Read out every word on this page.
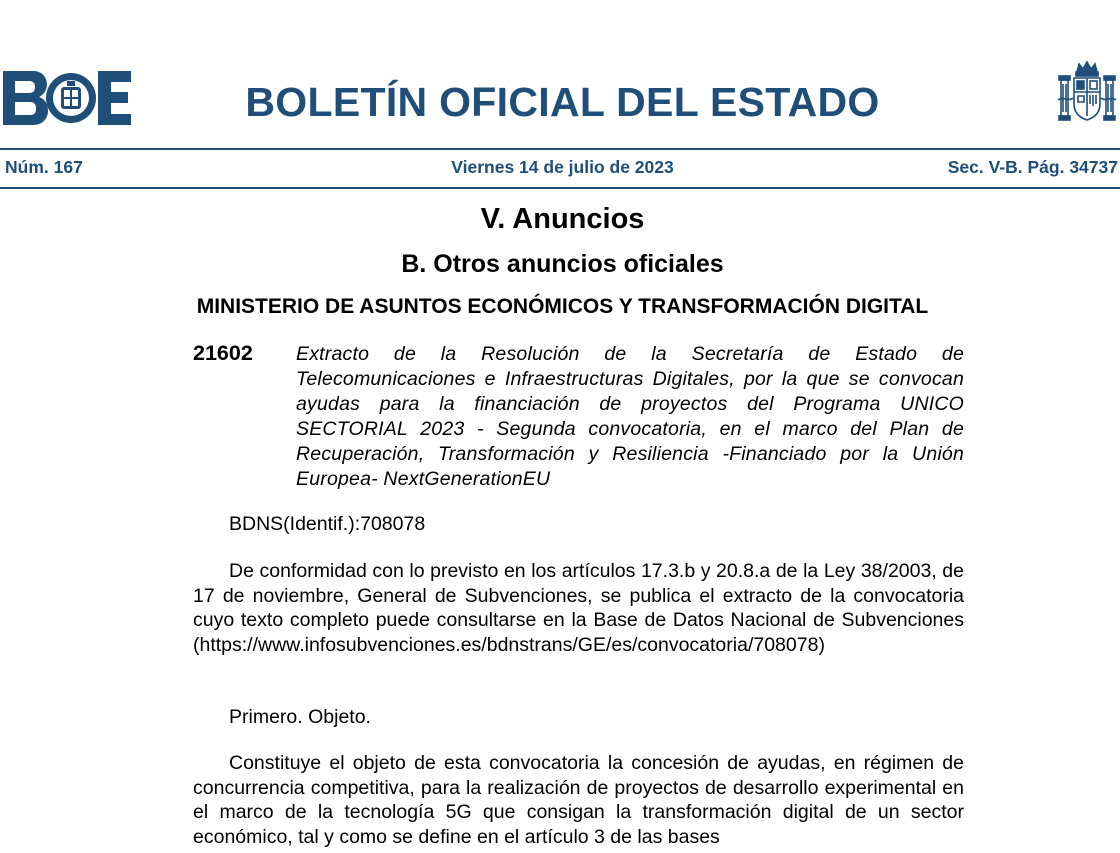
BOLETÍN OFICIAL DEL ESTADO
Núm. 167	Viernes 14 de julio de 2023	Sec. V-B. Pág. 34737
V. Anuncios
B. Otros anuncios oficiales
MINISTERIO DE ASUNTOS ECONÓMICOS Y TRANSFORMACIÓN DIGITAL
21602 Extracto de la Resolución de la Secretaría de Estado de Telecomunicaciones e Infraestructuras Digitales, por la que se convocan ayudas para la financiación de proyectos del Programa UNICO SECTORIAL 2023 - Segunda convocatoria, en el marco del Plan de Recuperación, Transformación y Resiliencia -Financiado por la Unión Europea- NextGenerationEU

BDNS(Identif.):708078

De conformidad con lo previsto en los artículos 17.3.b y 20.8.a de la Ley 38/2003, de 17 de noviembre, General de Subvenciones, se publica el extracto de la convocatoria cuyo texto completo puede consultarse en la Base de Datos Nacional de Subvenciones (https://www.infosubvenciones.es/bdnstrans/GE/es/convocatoria/708078)

Primero. Objeto.

Constituye el objeto de esta convocatoria la concesión de ayudas, en régimen de concurrencia competitiva, para la realización de proyectos de desarrollo experimental en el marco de la tecnología 5G que consigan la transformación digital de un sector económico, tal y como se define en el artículo 3 de las bases
